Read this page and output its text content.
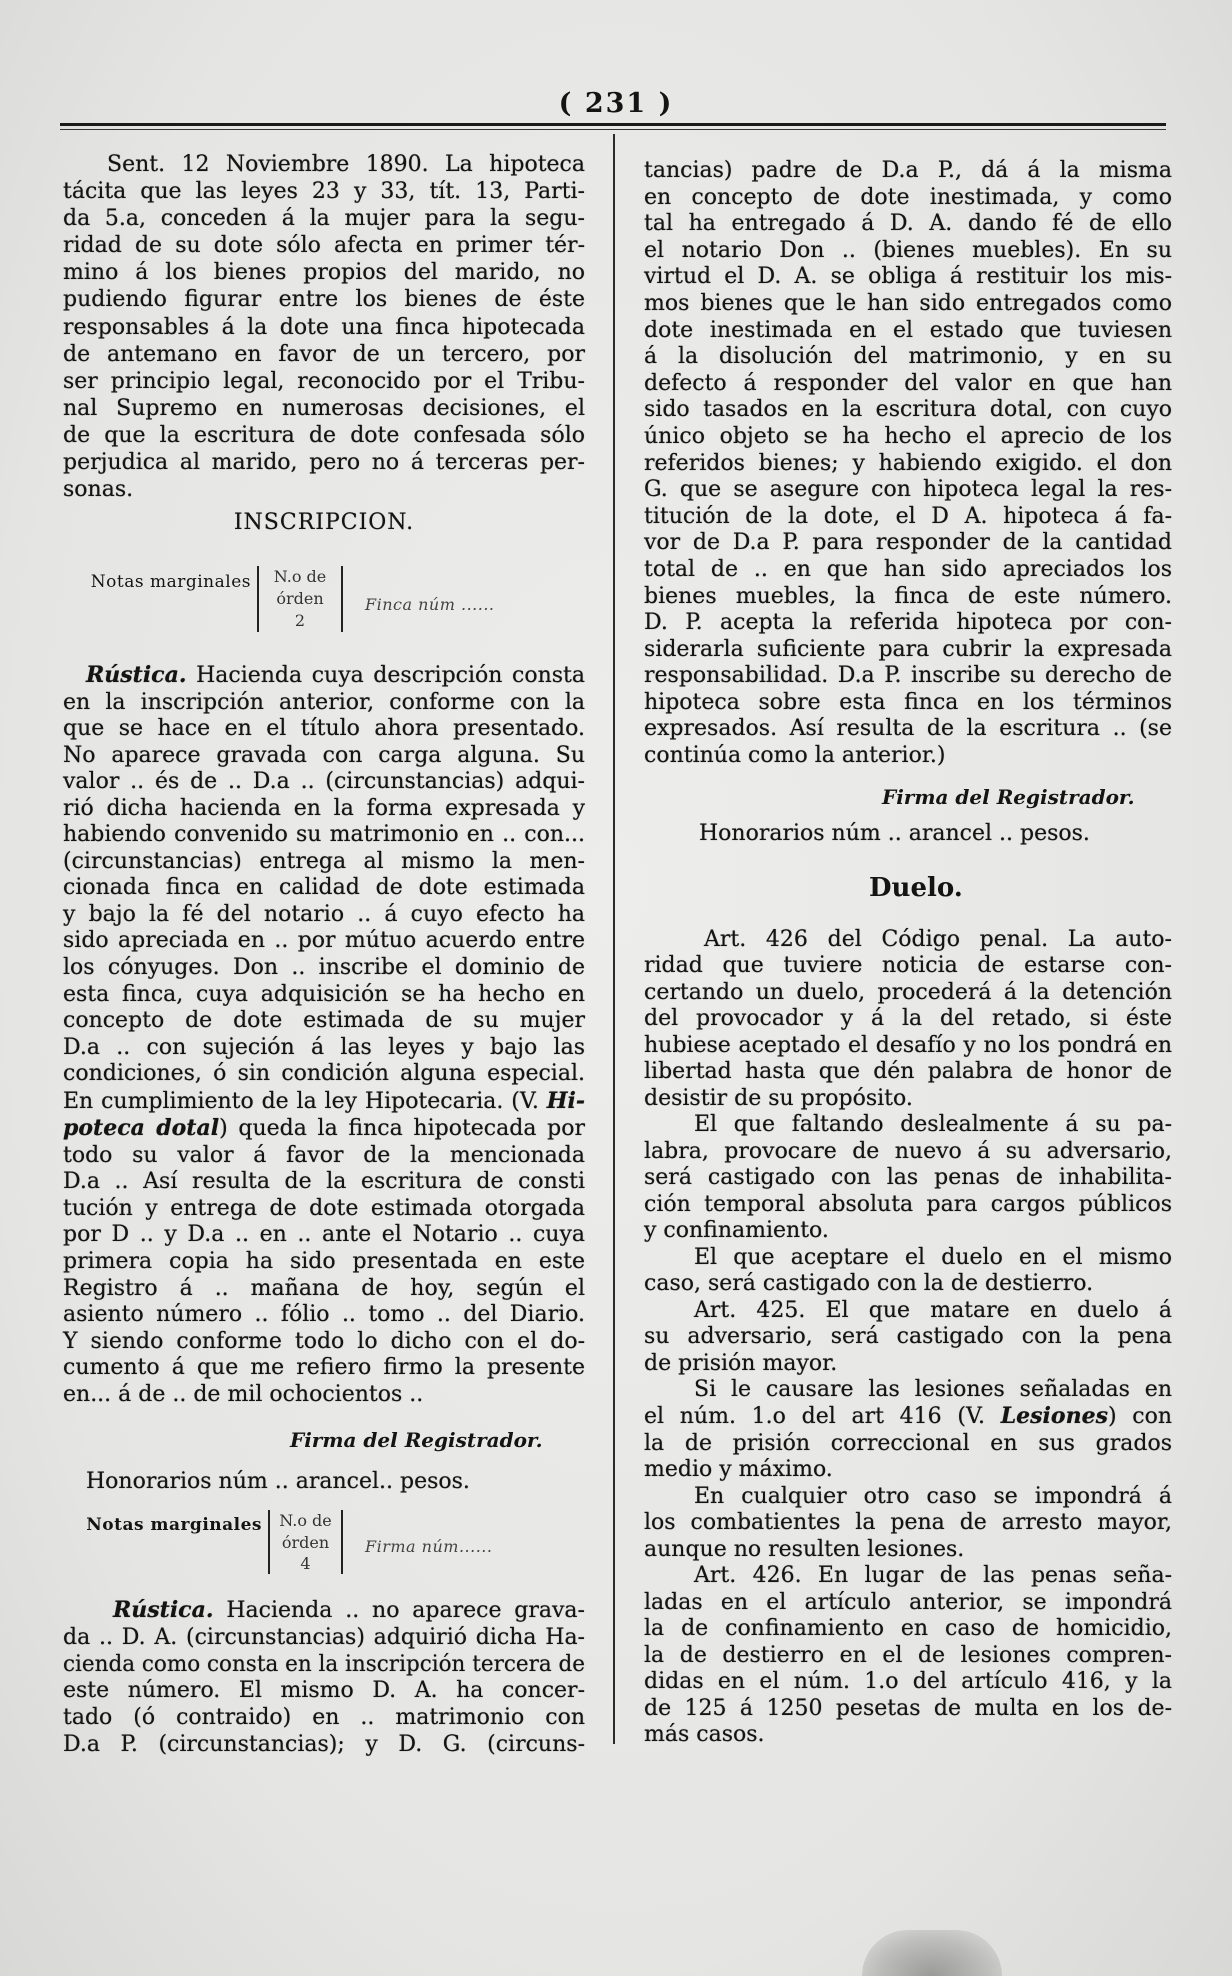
( 231 )
Sent. 12 Noviembre 1890. La hipoteca
tácita que las leyes 23 y 33, tít. 13, Parti-
da 5.a, conceden á la mujer para la segu-
ridad de su dote sólo afecta en primer tér-
mino á los bienes propios del marido, no
pudiendo figurar entre los bienes de éste
responsables á la dote una finca hipotecada
de antemano en favor de un tercero, por
ser principio legal, reconocido por el Tribu-
nal Supremo en numerosas decisiones, el
de que la escritura de dote confesada sólo
perjudica al marido, pero no á terceras per-
sonas.
INSCRIPCION.
Notas marginales	N.o de
órden
2
Finca núm ......
Rústica. Hacienda cuya descripción consta
en la inscripción anterior, conforme con la
que se hace en el título ahora presentado.
No aparece gravada con carga alguna. Su
valor .. és de .. D.a .. (circunstancias) adqui-
rió dicha hacienda en la forma expresada y
habiendo convenido su matrimonio en .. con...
(circunstancias) entrega al mismo la men-
cionada finca en calidad de dote estimada
y bajo la fé del notario .. á cuyo efecto ha
sido apreciada en .. por mútuo acuerdo entre
los cónyuges. Don .. inscribe el dominio de
esta finca, cuya adquisición se ha hecho en
concepto de dote estimada de su mujer
D.a .. con sujeción á las leyes y bajo las
condiciones, ó sin condición alguna especial.
En cumplimiento de la ley Hipotecaria. (V. Hi-
poteca dotal) queda la finca hipotecada por
todo su valor á favor de la mencionada
D.a .. Así resulta de la escritura de consti
tución y entrega de dote estimada otorgada
por D .. y D.a .. en .. ante el Notario .. cuya
primera copia ha sido presentada en este
Registro á .. mañana de hoy, según el
asiento número .. fólio .. tomo .. del Diario.
Y siendo conforme todo lo dicho con el do-
cumento á que me refiero firmo la presente
en... á de .. de mil ochocientos ..
Firma del Registrador.
Honorarios núm .. arancel.. pesos.
Notas marginales	N.o de
órden
4
Firma núm......
Rústica. Hacienda .. no aparece grava-
da .. D. A. (circunstancias) adquirió dicha Ha-
cienda como consta en la inscripción tercera de
este número. El mismo D. A. ha concer-
tado (ó contraido) en .. matrimonio con
D.a P. (circunstancias); y D. G. (circuns-
tancias) padre de D.a P., dá á la misma
en concepto de dote inestimada, y como
tal ha entregado á D. A. dando fé de ello
el notario Don .. (bienes muebles). En su
virtud el D. A. se obliga á restituir los mis-
mos bienes que le han sido entregados como
dote inestimada en el estado que tuviesen
á la disolución del matrimonio, y en su
defecto á responder del valor en que han
sido tasados en la escritura dotal, con cuyo
único objeto se ha hecho el aprecio de los
referidos bienes; y habiendo exigido. el don
G. que se asegure con hipoteca legal la res-
titución de la dote, el D A. hipoteca á fa-
vor de D.a P. para responder de la cantidad
total de .. en que han sido apreciados los
bienes muebles, la finca de este número.
D. P. acepta la referida hipoteca por con-
siderarla suficiente para cubrir la expresada
responsabilidad. D.a P. inscribe su derecho de
hipoteca sobre esta finca en los términos
expresados. Así resulta de la escritura .. (se
continúa como la anterior.)
Firma del Registrador.
Honorarios núm .. arancel .. pesos.
Duelo.
Art. 426 del Código penal. La auto-
ridad que tuviere noticia de estarse con-
certando un duelo, procederá á la detención
del provocador y á la del retado, si éste
hubiese aceptado el desafío y no los pondrá en
libertad hasta que dén palabra de honor de
desistir de su propósito.
El que faltando deslealmente á su pa-
labra, provocare de nuevo á su adversario,
será castigado con las penas de inhabilita-
ción temporal absoluta para cargos públicos
y confinamiento.
El que aceptare el duelo en el mismo
caso, será castigado con la de destierro.
Art. 425. El que matare en duelo á
su adversario, será castigado con la pena
de prisión mayor.
Si le causare las lesiones señaladas en
el núm. 1.o del art 416 (V. Lesiones) con
la de prisión correccional en sus grados
medio y máximo.
En cualquier otro caso se impondrá á
los combatientes la pena de arresto mayor,
aunque no resulten lesiones.
Art. 426. En lugar de las penas seña-
ladas en el artículo anterior, se impondrá
la de confinamiento en caso de homicidio,
la de destierro en el de lesiones compren-
didas en el núm. 1.o del artículo 416, y la
de 125 á 1250 pesetas de multa en los de-
más casos.
